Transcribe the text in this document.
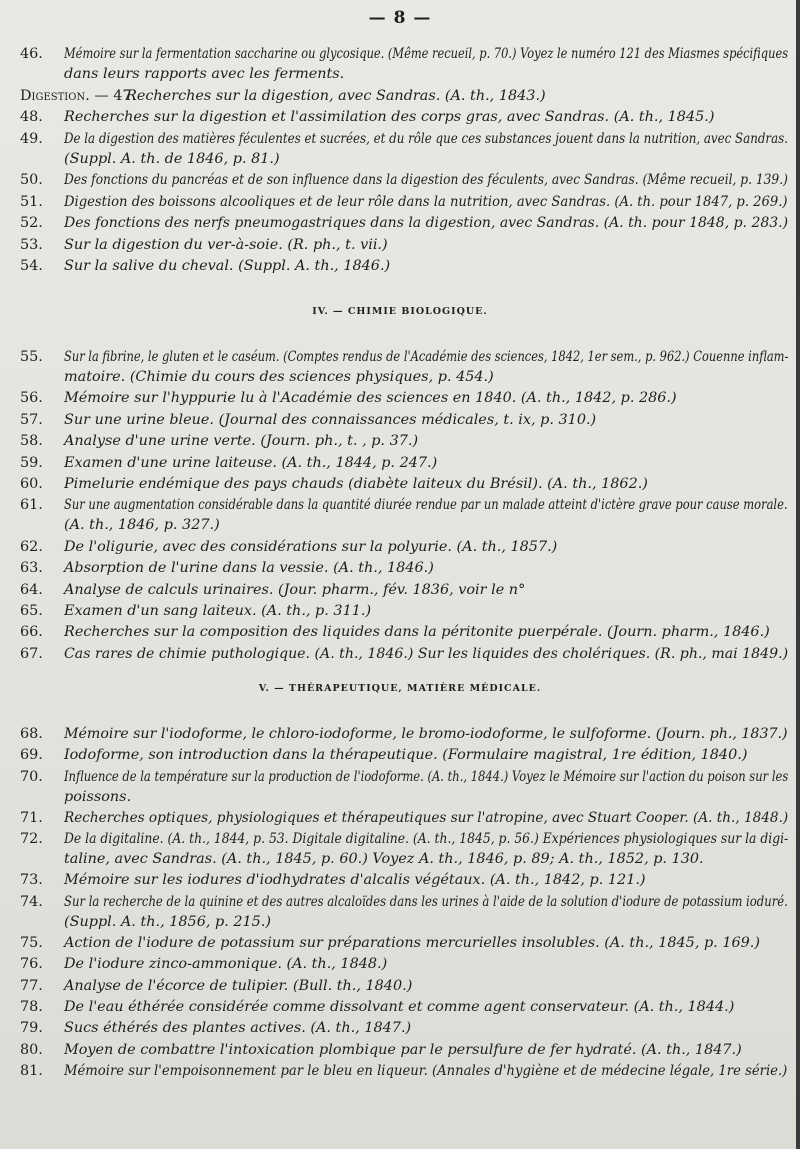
— 8 —
46. Mémoire sur la fermentation saccharine ou glycosique. (Même recueil, p. 70.) Voyez le numéro 121 des Miasmes spécifiques
dans leurs rapports avec les ferments.
Digestion. — 47.
Recherches sur la digestion, avec Sandras. (A. th., 1843.)
48. Recherches sur la digestion et l'assimilation des corps gras, avec Sandras. (A. th., 1845.)
49. De la digestion des matières féculentes et sucrées, et du rôle que ces substances jouent dans la nutrition, avec Sandras.
(Suppl. A. th. de 1846, p. 81.)
50. Des fonctions du pancréas et de son influence dans la digestion des féculents, avec Sandras. (Même recueil, p. 139.)
51. Digestion des boissons alcooliques et de leur rôle dans la nutrition, avec Sandras. (A. th. pour 1847, p. 269.)
52. Des fonctions des nerfs pneumogastriques dans la digestion, avec Sandras. (A. th. pour 1848, p. 283.)
53. Sur la digestion du ver-à-soie. (R. ph., t. vii.)
54. Sur la salive du cheval. (Suppl. A. th., 1846.)
IV. — CHIMIE BIOLOGIQUE.
55. Sur la fibrine, le gluten et le caséum. (Comptes rendus de l'Académie des sciences, 1842, 1er sem., p. 962.) Couenne inflam-
matoire. (Chimie du cours des sciences physiques, p. 454.)
56. Mémoire sur l'hyppurie lu à l'Académie des sciences en 1840. (A. th., 1842, p. 286.)
57. Sur une urine bleue. (Journal des connaissances médicales, t. ix, p. 310.)
58. Analyse d'une urine verte. (Journ. ph., t. , p. 37.)
59. Examen d'une urine laiteuse. (A. th., 1844, p. 247.)
60. Pimelurie endémique des pays chauds (diabète laiteux du Brésil). (A. th., 1862.)
61. Sur une augmentation considérable dans la quantité diurée rendue par un malade atteint d'ictère grave pour cause morale.
(A. th., 1846, p. 327.)
62. De l'oligurie, avec des considérations sur la polyurie. (A. th., 1857.)
63. Absorption de l'urine dans la vessie. (A. th., 1846.)
64. Analyse de calculs urinaires. (Jour. pharm., fév. 1836, voir le n°
65. Examen d'un sang laiteux. (A. th., p. 311.)
66. Recherches sur la composition des liquides dans la péritonite puerpérale. (Journ. pharm., 1846.)
67. Cas rares de chimie puthologique. (A. th., 1846.) Sur les liquides des cholériques. (R. ph., mai 1849.)
V. — THÉRAPEUTIQUE, MATIÈRE MÉDICALE.
68. Mémoire sur l'iodoforme, le chloro-iodoforme, le bromo-iodoforme, le sulfoforme. (Journ. ph., 1837.)
69. Iodoforme, son introduction dans la thérapeutique. (Formulaire magistral, 1re édition, 1840.)
70. Influence de la température sur la production de l'iodoforme. (A. th., 1844.) Voyez le Mémoire sur l'action du poison sur les
poissons.
71. Recherches optiques, physiologiques et thérapeutiques sur l'atropine, avec Stuart Cooper. (A. th., 1848.)
72. De la digitaline. (A. th., 1844, p. 53. Digitale digitaline. (A. th., 1845, p. 56.) Expériences physiologiques sur la digi-
taline, avec Sandras. (A. th., 1845, p. 60.) Voyez A. th., 1846, p. 89; A. th., 1852, p. 130.
73. Mémoire sur les iodures d'iodhydrates d'alcalis végétaux. (A. th., 1842, p. 121.)
74. Sur la recherche de la quinine et des autres alcaloïdes dans les urines à l'aide de la solution d'iodure de potassium ioduré.
(Suppl. A. th., 1856, p. 215.)
75. Action de l'iodure de potassium sur préparations mercurielles insolubles. (A. th., 1845, p. 169.)
76. De l'iodure zinco-ammonique. (A. th., 1848.)
77. Analyse de l'écorce de tulipier. (Bull. th., 1840.)
78. De l'eau éthérée considérée comme dissolvant et comme agent conservateur. (A. th., 1844.)
79. Sucs éthérés des plantes actives. (A. th., 1847.)
80. Moyen de combattre l'intoxication plombique par le persulfure de fer hydraté. (A. th., 1847.)
81. Mémoire sur l'empoisonnement par le bleu en liqueur. (Annales d'hygiène et de médecine légale, 1re série.)
